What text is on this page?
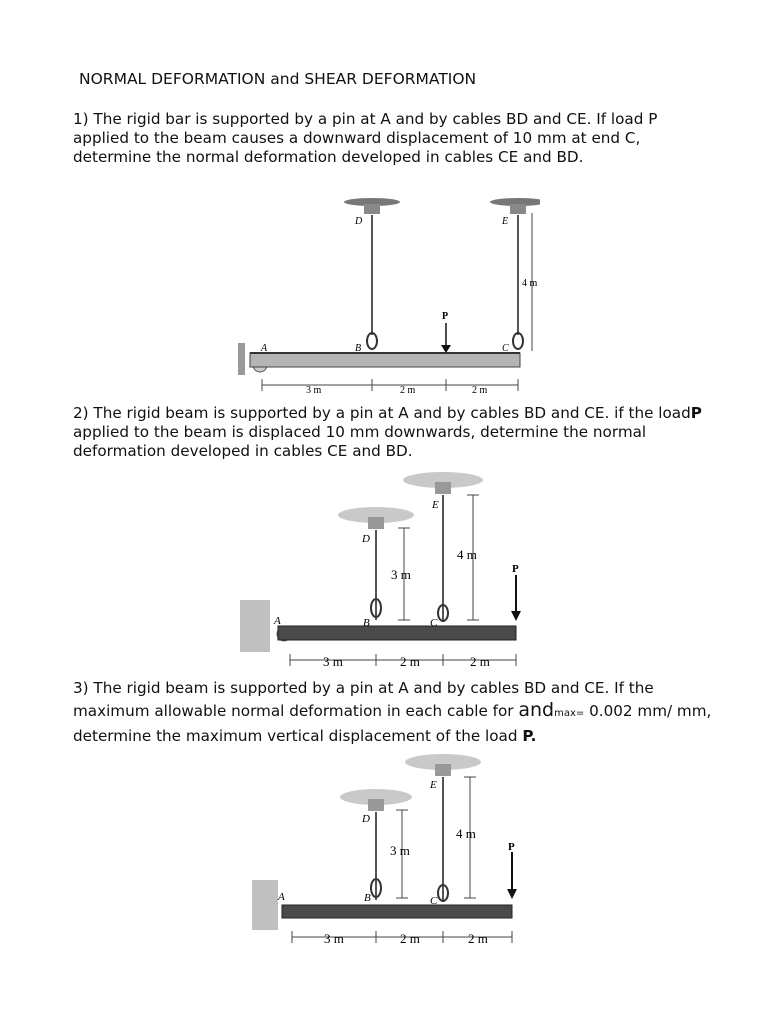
NORMAL DEFORMATION and SHEAR DEFORMATION

1) The rigid bar is supported by a pin at A and by cables BD and CE. If load P applied to the beam causes a downward displacement of 10 mm at end C, determine the normal deformation developed in cables CE and BD.

D	E
A	B	C
P
4 m
3 m	2 m	2 m

2) The rigid beam is supported by a pin at A and by cables BD and CE. if the loadP applied to the beam is displaced 10 mm downwards, determine the normal deformation developed in cables CE and BD.

A	B	C
D
E
P
3 m
4 m
3 m	2 m	2 m

3) The rigid beam is supported by a pin at A and by cables BD and CE. If the maximum allowable normal deformation in each cable for andmax= 0.002 mm/ mm, determine the maximum vertical displacement of the load P.

A	B	C
D
E
P
3 m
4 m
3 m	2 m	2 m
